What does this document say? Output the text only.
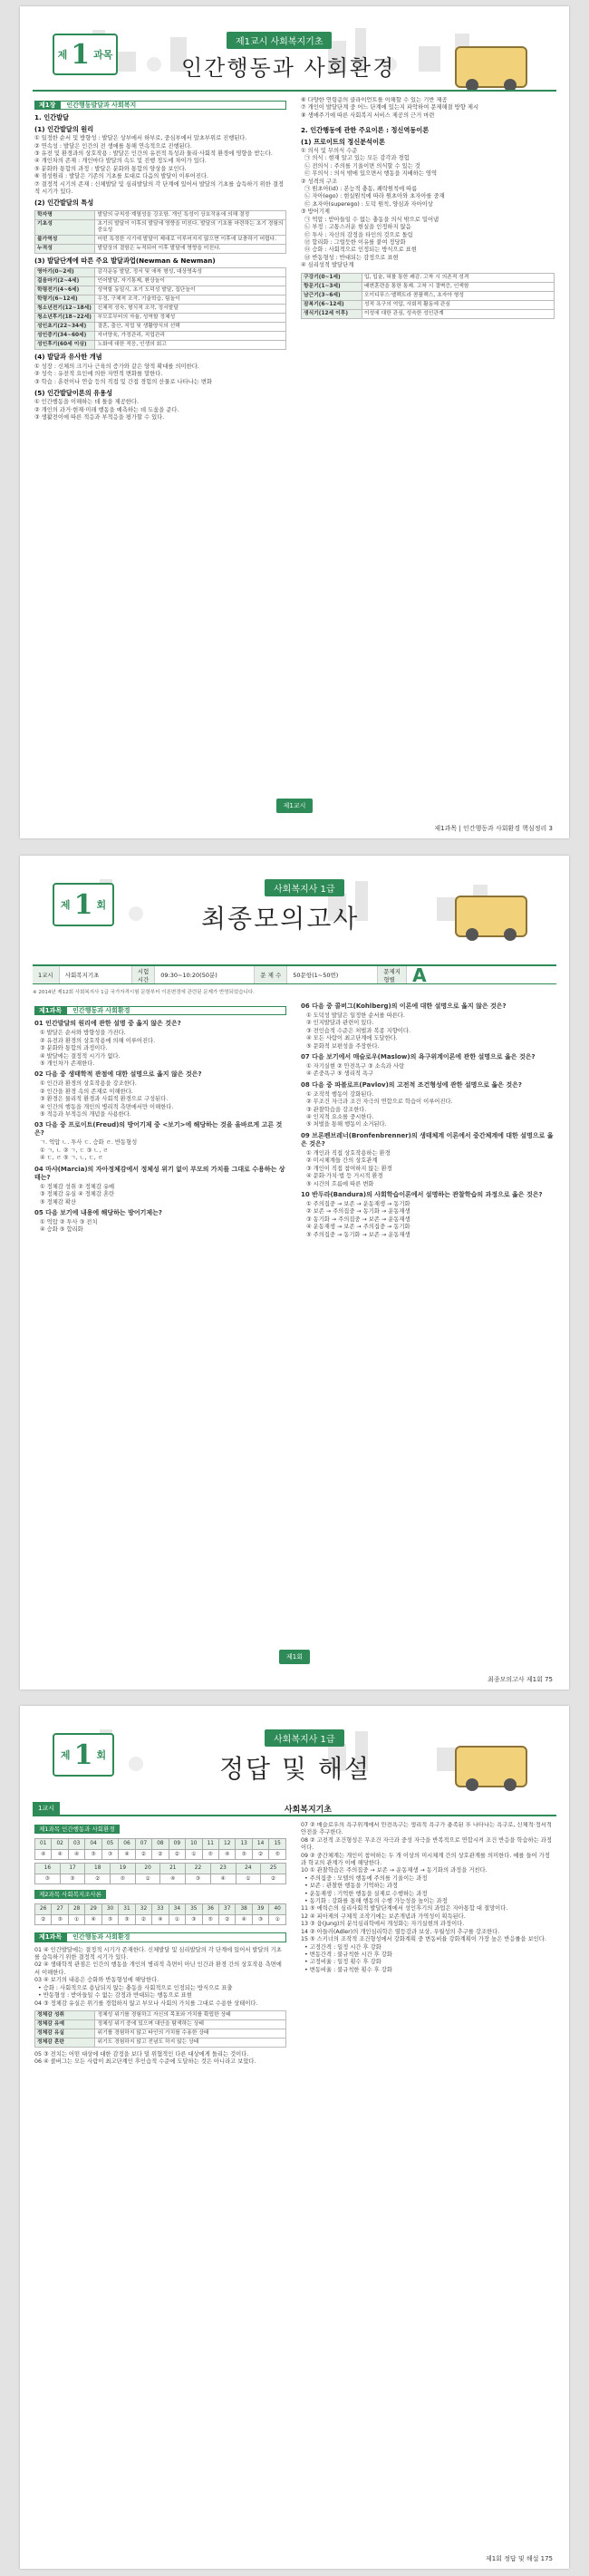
제 1 과목
제1교시 사회복지기초
인간행동과 사회환경
제1장	인간행동발달과 사회복지
1. 인간발달
(1) 인간발달의 원리
① 일정한 순서 및 방향성 : 발달은 상부에서 하부로, 중심부에서 말초부위로 진행된다.
② 연속성 : 발달은 인간의 전 생애를 통해 연속적으로 진행된다.
③ 유전 및 환경과의 상호작용 : 발달은 인간의 유전적 특성과 물리·사회적 환경에 영향을 받는다.
④ 개인차의 존재 : 개인마다 발달의 속도 및 진행 정도에 차이가 있다.
⑤ 분화와 통합의 과정 : 발달은 분화와 통합의 양상을 보인다.
⑥ 점성원리 : 발달은 기존의 기초를 토대로 다음의 발달이 이루어진다.
⑦ 결정적 시기의 존재 : 신체발달 및 심리발달의 각 단계에 있어서 발달의 기초를 습득하기 위한 결정적 시기가 있다.
(2) 인간발달의 특성
학자명	발달의 규칙성·계열성을 강조함. 개인 특성이 상호작용에 의해 결정
기초성	초기의 발달이 이후의 발달에 영향을 미친다. 발달의 기초를 마련하는 초기 경험의 중요성
불가역성	어떤 특정한 시기에 발달이 제대로 이루어지지 않으면 이후에 보충하기 어렵다.
누적성	발달상의 결함은 누적되어 이후 발달에 영향을 미친다.
(3) 발달단계에 따른 주요 발달과업(Newman & Newman)
영아기(0~2세)	감각운동 발달, 정서 및 애착 형성, 대상영속성
걸음마기(2~4세)	언어발달, 자기통제, 환상놀이
학령전기(4~6세)	성역할 동일시, 초기 도덕성 발달, 집단놀이
학령기(6~12세)	우정, 구체적 조작, 기술학습, 팀놀이
청소년전기(12~18세)	신체적 성숙, 형식적 조작, 정서발달
청소년후기(18~22세)	부모로부터의 자율, 성역할 정체성
성인초기(22~34세)	결혼, 출산, 직업 및 생활양식의 선택
성인중기(34~60세)	자녀양육, 가정관리, 직업관리
성인후기(60세 이상)	노화에 대한 적응, 인생의 회고
(4) 발달과 유사한 개념
① 성장 : 신체의 크기나 근육의 증가와 같은 양적 확대를 의미한다.
② 성숙 : 유전적 요인에 의한 자연적 변화를 말한다.
③ 학습 : 훈련이나 연습 등의 직접 및 간접 경험의 산물로 나타나는 변화
(5) 인간발달이론의 유용성
① 인간행동을 이해하는 데 틀을 제공한다.
② 개인의 과거·현재·미래 행동을 예측하는 데 도움을 준다.
③ 생활전이에 따른 적응과 부적응을 평가할 수 있다.
⑥ 다양한 연령층의 클라이언트를 이해할 수 있는 기반 제공
⑦ 개인이 발달단계 중 어느 단계에 있는지 파악하여 문제해결 방향 제시
⑧ 생애주기에 따른 사회복지 서비스 제공의 근거 마련
2. 인간행동에 관한 주요이론 : 정신역동이론
(1) 프로이트의 정신분석이론
① 의식 및 무의식 수준
㉠ 의식 : 현재 알고 있는 모든 감각과 경험
㉡ 전의식 : 주의를 기울이면 의식할 수 있는 것
㉢ 무의식 : 의식 밖에 있으면서 행동을 지배하는 영역
② 성격의 구조
㉠ 원초아(id) : 본능적 충동, 쾌락원칙에 따름
㉡ 자아(ego) : 현실원칙에 따라 원초아와 초자아를 중재
㉢ 초자아(superego) : 도덕 원칙, 양심과 자아이상
③ 방어기제
㉠ 억압 : 받아들일 수 없는 충동을 의식 밖으로 밀어냄
㉡ 부정 : 고통스러운 현실을 인정하지 않음
㉢ 투사 : 자신의 감정을 타인의 것으로 돌림
㉣ 합리화 : 그럴듯한 이유를 붙여 정당화
㉤ 승화 : 사회적으로 인정되는 방식으로 표현
㉥ 반동형성 : 반대되는 감정으로 표현
④ 심리성적 발달단계
구강기(0~1세)	입, 입술, 혀를 통한 쾌감. 고착 시 의존적 성격
항문기(1~3세)	배변훈련을 통한 통제. 고착 시 결벽증, 인색함
남근기(3~6세)	오이디푸스·엘렉트라 콤플렉스, 초자아 형성
잠복기(6~12세)	성적 욕구의 억압, 사회적 활동에 관심
생식기(12세 이후)	이성에 대한 관심, 성숙한 성인관계
제1교시
제1과목 | 인간행동과 사회환경 핵심정리 3
사회복지사 1급
제 1 회	최종모의고사
1교시	사회복지기초
시험
시간
09:30~10:20(50분)	문 제 수	50문항(1~50번)
문제지
형별 A
※ 2014년 제12회 사회복지사 1급 국가자격시험 문항부터 이론변경에 관련된 문제가 반영되었습니다.
제1과목	인간행동과 사회환경
01 인간발달의 원리에 관한 설명 중 옳지 않은 것은?
① 발달은 순서와 방향성을 가진다.
② 유전과 환경의 상호작용에 의해 이루어진다.
③ 분화와 통합의 과정이다.
④ 발달에는 결정적 시기가 없다.
⑤ 개인차가 존재한다.
02 다음 중 생태학적 관점에 대한 설명으로 옳지 않은 것은?
① 인간과 환경의 상호작용을 강조한다.
② 인간을 환경 속의 존재로 이해한다.
③ 환경은 물리적 환경과 사회적 환경으로 구성된다.
④ 인간의 행동을 개인의 병리적 측면에서만 이해한다.
⑤ 적응과 부적응의 개념을 사용한다.
03 다음 중 프로이트(Freud)의 방어기제 중 <보기>에 해당하는 것을 올바르게 고른 것은?
ㄱ. 억압 ㄴ. 투사 ㄷ. 승화 ㄹ. 반동형성
① ㄱ, ㄴ ② ㄱ, ㄷ ③ ㄴ, ㄹ
④ ㄷ, ㄹ ⑤ ㄱ, ㄴ, ㄷ, ㄹ
04 마샤(Marcia)의 자아정체감에서 정체성 위기 없이 부모의 가치를 그대로 수용하는 상태는?
① 정체감 성취 ② 정체감 유예
③ 정체감 유실 ④ 정체감 혼란
⑤ 정체감 확산
05 다음 보기에 내용에 해당하는 방어기제는?
① 억압 ② 투사 ③ 전치
④ 승화 ⑤ 합리화
06 다음 중 콜버그(Kohlberg)의 이론에 대한 설명으로 옳지 않은 것은?
① 도덕성 발달은 일정한 순서를 따른다.
② 인지발달과 관련이 있다.
③ 전인습적 수준은 처벌과 복종 지향이다.
④ 모든 사람이 최고단계에 도달한다.
⑤ 문화적 보편성을 주장한다.
07 다음 보기에서 매슬로우(Maslow)의 욕구위계이론에 관한 설명으로 옳은 것은?
① 자기실현 ② 안전욕구 ③ 소속과 사랑
④ 존중욕구 ⑤ 생리적 욕구
08 다음 중 파블로프(Pavlov)의 고전적 조건형성에 관한 설명으로 옳은 것은?
① 조작적 행동이 강화된다.
② 무조건 자극과 조건 자극의 연합으로 학습이 이루어진다.
③ 관찰학습을 강조한다.
④ 인지적 요소를 중시한다.
⑤ 처벌을 통해 행동이 소거된다.
09 브론펜브레너(Bronfenbrenner)의 생태체계 이론에서 중간체계에 대한 설명으로 옳은 것은?
① 개인과 직접 상호작용하는 환경
② 미시체계들 간의 상호관계
③ 개인이 직접 참여하지 않는 환경
④ 문화·가치·법 등 거시적 환경
⑤ 시간의 흐름에 따른 변화
10 반두라(Bandura)의 사회학습이론에서 설명하는 관찰학습의 과정으로 옳은 것은?
① 주의집중 → 보존 → 운동재생 → 동기화
② 보존 → 주의집중 → 동기화 → 운동재생
③ 동기화 → 주의집중 → 보존 → 운동재생
④ 운동재생 → 보존 → 주의집중 → 동기화
⑤ 주의집중 → 동기화 → 보존 → 운동재생
제1회
최종모의고사 제1회 75
사회복지사 1급
제 1 회	정답 및 해설
1교시	사회복지기초
제1과목 인간행동과 사회환경
01	02	03	04	05	06	07	08	09	10	11	12	13	14	15
④	④	④	③	③	④	②	②	②	①	⑤	④	③	②	⑤
16	17	18	19	20	21	22	23	24	25
③	③	②	⑤	①	④	③	④	①	②
제2과목 사회복지조사론
26	27	28	29	30	31	32	33	34	35	36	37	38	39	40
②	③	①	④	⑤	③	②	④	①	③	⑤	②	④	③	①
제1과목	인간행동과 사회환경
01 ④ 인간발달에는 결정적 시기가 존재한다. 신체발달 및 심리발달의 각 단계에 있어서 발달의 기초를 습득하기 위한 결정적 시기가 있다.
02 ④ 생태학적 관점은 인간의 행동을 개인의 병리적 측면이 아닌 인간과 환경 간의 상호작용 측면에서 이해한다.
03 ④ 보기의 내용은 승화와 반동형성에 해당한다.
• 승화 : 사회적으로 용납되지 않는 충동을 사회적으로 인정되는 방식으로 표출
• 반동형성 : 받아들일 수 없는 감정과 반대되는 행동으로 표현
04 ③ 정체감 유실은 위기를 경험하지 않고 부모나 사회의 가치를 그대로 수용한 상태이다.
정체감 성취	정체성 위기를 경험하고 자신의 목표와 가치를 확립한 상태
정체감 유예	정체성 위기 중에 있으며 대안을 탐색하는 상태
정체감 유실	위기를 경험하지 않고 타인의 가치를 수용한 상태
정체감 혼란	위기도 경험하지 않고 전념도 하지 않는 상태
05 ③ 전치는 어떤 대상에 대한 감정을 보다 덜 위협적인 다른 대상에게 돌리는 것이다.
06 ④ 콜버그는 모든 사람이 최고단계인 후인습적 수준에 도달하는 것은 아니라고 보았다.
07 ② 매슬로우의 욕구위계에서 안전욕구는 생리적 욕구가 충족된 후 나타나는 욕구로, 신체적·정서적 안전을 추구한다.
08 ② 고전적 조건형성은 무조건 자극과 중성 자극을 반복적으로 연합시켜 조건 반응을 학습하는 과정이다.
09 ② 중간체계는 개인이 참여하는 두 개 이상의 미시체계 간의 상호관계를 의미한다. 예를 들어 가정과 학교의 관계가 이에 해당한다.
10 ① 관찰학습은 주의집중 → 보존 → 운동재생 → 동기화의 과정을 거친다.
• 주의집중 : 모델의 행동에 주의를 기울이는 과정
• 보존 : 관찰한 행동을 기억하는 과정
• 운동재생 : 기억한 행동을 실제로 수행하는 과정
• 동기화 : 강화를 통해 행동의 수행 가능성을 높이는 과정
11 ⑤ 에릭슨의 심리사회적 발달단계에서 성인후기의 과업은 자아통합 대 절망이다.
12 ④ 피아제의 구체적 조작기에는 보존개념과 가역성이 획득된다.
13 ③ 융(Jung)의 분석심리학에서 개성화는 자기실현의 과정이다.
14 ② 아들러(Adler)의 개인심리학은 열등감과 보상, 우월성의 추구를 강조한다.
15 ⑤ 스키너의 조작적 조건형성에서 강화계획 중 변동비율 강화계획이 가장 높은 반응률을 보인다.
• 고정간격 : 일정 시간 후 강화
• 변동간격 : 불규칙한 시간 후 강화
• 고정비율 : 일정 횟수 후 강화
• 변동비율 : 불규칙한 횟수 후 강화
제1회 정답 및 해설 175
